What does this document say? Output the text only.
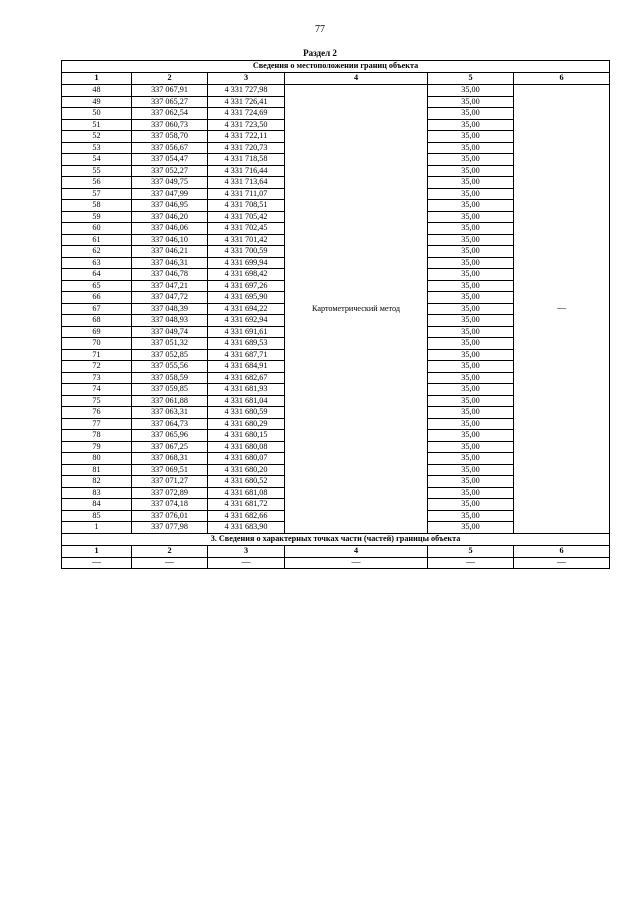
77
Раздел 2
Сведения о местоположении границ объекта					
1	2	3	4	5	6
48	337 067,91	4 331 727,98	Картометрический метод	35,00	—
49	337 065,27	4 331 726,41		35,00	
50	337 062,54	4 331 724,69		35,00	
51	337 060,73	4 331 723,50		35,00	
52	337 058,70	4 331 722,11		35,00	
53	337 056,67	4 331 720,73		35,00	
54	337 054,47	4 331 718,58		35,00	
55	337 052,27	4 331 716,44		35,00	
56	337 049,75	4 331 713,64		35,00	
57	337 047,99	4 331 711,07		35,00	
58	337 046,95	4 331 708,51		35,00	
59	337 046,20	4 331 705,42		35,00	
60	337 046,06	4 331 702,45		35,00	
61	337 046,10	4 331 701,42		35,00	
62	337 046,21	4 331 700,59		35,00	
63	337 046,31	4 331 699,94		35,00	
64	337 046,78	4 331 698,42		35,00	
65	337 047,21	4 331 697,26		35,00	
66	337 047,72	4 331 695,90		35,00	
67	337 048,39	4 331 694,22		35,00	
68	337 048,93	4 331 692,94		35,00	
69	337 049,74	4 331 691,61		35,00	
70	337 051,32	4 331 689,53		35,00	
71	337 052,85	4 331 687,71		35,00	
72	337 055,56	4 331 684,91		35,00	
73	337 058,59	4 331 682,67		35,00	
74	337 059,85	4 331 681,93		35,00	
75	337 061,88	4 331 681,04		35,00	
76	337 063,31	4 331 680,59		35,00	
77	337 064,73	4 331 680,29		35,00	
78	337 065,96	4 331 680,15		35,00	
79	337 067,25	4 331 680,08		35,00	
80	337 068,31	4 331 680,07		35,00	
81	337 069,51	4 331 680,20		35,00	
82	337 071,27	4 331 680,52		35,00	
83	337 072,89	4 331 681,08		35,00	
84	337 074,18	4 331 681,72		35,00	
85	337 076,01	4 331 682,66		35,00	
1	337 077,98	4 331 683,90		35,00	
3. Сведения о характерных точках части (частей) границы объекта					
1	2	3	4	5	6
—	—	—	—	—	—
